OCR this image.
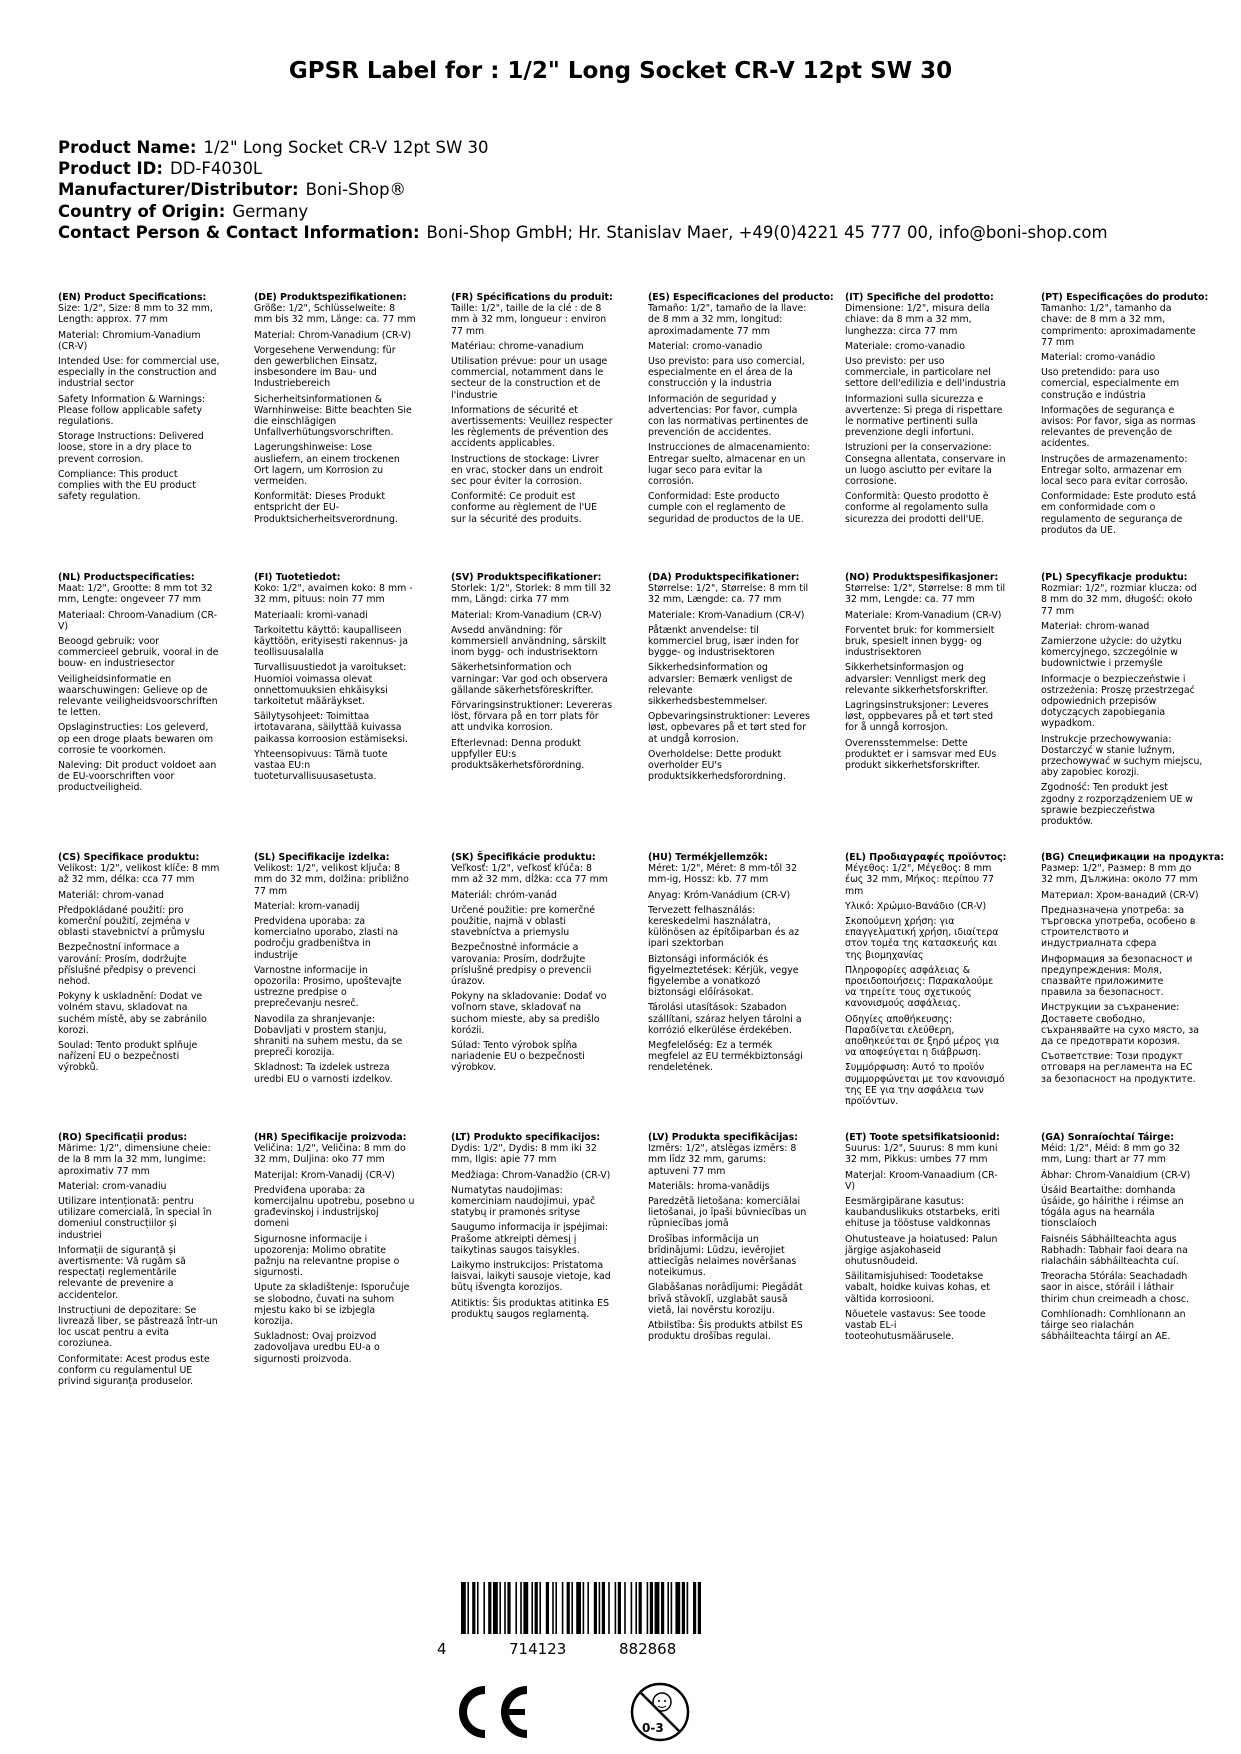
GPSR Label for : 1/2" Long Socket CR-V 12pt SW 30
Product Name: 1/2" Long Socket CR-V 12pt SW 30
Product ID: DD-F4030L
Manufacturer/Distributor: Boni-Shop®
Country of Origin: Germany
Contact Person & Contact Information: Boni-Shop GmbH; Hr. Stanislav Maer, +49(0)4221 45 777 00, info@boni-shop.com
(EN) Product Specifications:

Size: 1/2", Size: 8 mm to 32 mm, Length: approx. 77 mm

Material: Chromium-Vanadium (CR-V)

Intended Use: for commercial use, especially in the construction and industrial sector

Safety Information & Warnings: Please follow applicable safety regulations.

Storage Instructions: Delivered loose, store in a dry place to prevent corrosion.

Compliance: This product complies with the EU product safety regulation.

(DE) Produktspezifikationen:

Größe: 1/2", Schlüsselweite: 8 mm bis 32 mm, Länge: ca. 77 mm

Material: Chrom-Vanadium (CR-V)

Vorgesehene Verwendung: für den gewerblichen Einsatz, insbesondere im Bau- und Industriebereich

Sicherheitsinformationen & Warnhinweise: Bitte beachten Sie die einschlägigen Unfallverhütungsvorschriften.

Lagerungshinweise: Lose ausliefern, an einem trockenen Ort lagern, um Korrosion zu vermeiden.

Konformität: Dieses Produkt entspricht der EU-Produktsicherheitsverordnung.

(FR) Spécifications du produit:

Taille: 1/2", taille de la clé : de 8 mm à 32 mm, longueur : environ 77 mm

Matériau: chrome-vanadium

Utilisation prévue: pour un usage commercial, notamment dans le secteur de la construction et de l'industrie

Informations de sécurité et avertissements: Veuillez respecter les règlements de prévention des accidents applicables.

Instructions de stockage: Livrer en vrac, stocker dans un endroit sec pour éviter la corrosion.

Conformité: Ce produit est conforme au règlement de l'UE sur la sécurité des produits.

(ES) Especificaciones del producto:

Tamaño: 1/2", tamaño de la llave: de 8 mm a 32 mm, longitud: aproximadamente 77 mm

Material: cromo-vanadio

Uso previsto: para uso comercial, especialmente en el área de la construcción y la industria

Información de seguridad y advertencias: Por favor, cumpla con las normativas pertinentes de prevención de accidentes.

Instrucciones de almacenamiento: Entregar suelto, almacenar en un lugar seco para evitar la corrosión.

Conformidad: Este producto cumple con el reglamento de seguridad de productos de la UE.

(IT) Specifiche del prodotto:

Dimensione: 1/2", misura della chiave: da 8 mm a 32 mm, lunghezza: circa 77 mm

Materiale: cromo-vanadio

Uso previsto: per uso commerciale, in particolare nel settore dell'edilizia e dell'industria

Informazioni sulla sicurezza e avvertenze: Si prega di rispettare le normative pertinenti sulla prevenzione degli infortuni.

Istruzioni per la conservazione: Consegna allentata, conservare in un luogo asciutto per evitare la corrosione.

Conformità: Questo prodotto è conforme al regolamento sulla sicurezza dei prodotti dell'UE.

(PT) Especificações do produto:

Tamanho: 1/2", tamanho da chave: de 8 mm a 32 mm, comprimento: aproximadamente 77 mm

Material: cromo-vanádio

Uso pretendido: para uso comercial, especialmente em construção e indústria

Informações de segurança e avisos: Por favor, siga as normas relevantes de prevenção de acidentes.

Instruções de armazenamento: Entregar solto, armazenar em local seco para evitar corrosão.

Conformidade: Este produto está em conformidade com o regulamento de segurança de produtos da UE.

(NL) Productspecificaties:

Maat: 1/2", Grootte: 8 mm tot 32 mm, Lengte: ongeveer 77 mm

Materiaal: Chroom-Vanadium (CR-V)

Beoogd gebruik: voor commercieel gebruik, vooral in de bouw- en industriesector

Veiligheidsinformatie en waarschuwingen: Gelieve op de relevante veiligheidsvoorschriften te letten.

Opslaginstructies: Los geleverd, op een droge plaats bewaren om corrosie te voorkomen.

Naleving: Dit product voldoet aan de EU-voorschriften voor productveiligheid.

(FI) Tuotetiedot:

Koko: 1/2", avaimen koko: 8 mm - 32 mm, pituus: noin 77 mm

Materiaali: kromi-vanadi

Tarkoitettu käyttö: kaupalliseen käyttöön, erityisesti rakennus- ja teollisuusalalla

Turvallisuustiedot ja varoitukset: Huomioi voimassa olevat onnettomuuksien ehkäisyksi tarkoitetut määräykset.

Säilytysohjeet: Toimittaa irtotavarana, säilyttää kuivassa paikassa korroosion estämiseksi.

Yhteensopivuus: Tämä tuote vastaa EU:n tuoteturvallisuusasetusta.

(SV) Produktspecifikationer:

Storlek: 1/2", Storlek: 8 mm till 32 mm, Längd: cirka 77 mm

Material: Krom-Vanadium (CR-V)

Avsedd användning: för kommersiell användning, särskilt inom bygg- och industrisektorn

Säkerhetsinformation och varningar: Var god och observera gällande säkerhetsföreskrifter.

Förvaringsinstruktioner: Levereras löst, förvara på en torr plats för att undvika korrosion.

Efterlevnad: Denna produkt uppfyller EU:s produktsäkerhetsförordning.

(DA) Produktspecifikationer:

Størrelse: 1/2", Størrelse: 8 mm til 32 mm, Længde: ca. 77 mm

Materiale: Krom-Vanadium (CR-V)

Påtænkt anvendelse: til kommerciel brug, især inden for bygge- og industrisektoren

Sikkerhedsinformation og advarsler: Bemærk venligst de relevante sikkerhedsbestemmelser.

Opbevaringsinstruktioner: Leveres løst, opbevares på et tørt sted for at undgå korrosion.

Overholdelse: Dette produkt overholder EU's produktsikkerhedsforordning.

(NO) Produktspesifikasjoner:

Størrelse: 1/2", Størrelse: 8 mm til 32 mm, Lengde: ca. 77 mm

Materiale: Krom-Vanadium (CR-V)

Forventet bruk: for kommersielt bruk, spesielt innen bygg- og industrisektoren

Sikkerhetsinformasjon og advarsler: Vennligst merk deg relevante sikkerhetsforskrifter.

Lagringsinstruksjoner: Leveres løst, oppbevares på et tørt sted for å unngå korrosjon.

Overensstemmelse: Dette produktet er i samsvar med EUs produkt sikkerhetsforskrifter.

(PL) Specyfikacje produktu:

Rozmiar: 1/2", rozmiar klucza: od 8 mm do 32 mm, długość: około 77 mm

Materiał: chrom-wanad

Zamierzone użycie: do użytku komercyjnego, szczególnie w budownictwie i przemyśle

Informacje o bezpieczeństwie i ostrzeżenia: Proszę przestrzegać odpowiednich przepisów dotyczących zapobiegania wypadkom.

Instrukcje przechowywania: Dostarczyć w stanie luźnym, przechowywać w suchym miejscu, aby zapobiec korozji.

Zgodność: Ten produkt jest zgodny z rozporządzeniem UE w sprawie bezpieczeństwa produktów.

(CS) Specifikace produktu:

Velikost: 1/2", velikost klíče: 8 mm až 32 mm, délka: cca 77 mm

Materiál: chrom-vanad

Předpokládané použití: pro komerční použití, zejména v oblasti stavebnictví a průmyslu

Bezpečnostní informace a varování: Prosím, dodržujte příslušné předpisy o prevenci nehod.

Pokyny k uskladnění: Dodat ve volném stavu, skladovat na suchém místě, aby se zabránilo korozi.

Soulad: Tento produkt splňuje nařízení EU o bezpečnosti výrobků.

(SL) Specifikacije izdelka:

Velikost: 1/2", velikost ključa: 8 mm do 32 mm, dolžina: približno 77 mm

Material: krom-vanadij

Predvidena uporaba: za komercialno uporabo, zlasti na področju gradbeništva in industrije

Varnostne informacije in opozorila: Prosimo, upoštevajte ustrezne predpise o preprečevanju nesreč.

Navodila za shranjevanje: Dobavljati v prostem stanju, shraniti na suhem mestu, da se prepreči korozija.

Skladnost: Ta izdelek ustreza uredbi EU o varnosti izdelkov.

(SK) Špecifikácie produktu:

Veľkosť: 1/2", veľkosť kľúča: 8 mm až 32 mm, dĺžka: cca 77 mm

Materiál: chróm-vanád

Určené použitie: pre komerčné použitie, najmä v oblasti stavebníctva a priemyslu

Bezpečnostné informácie a varovania: Prosím, dodržujte príslušné predpisy o prevencii úrazov.

Pokyny na skladovanie: Dodať vo voľnom stave, skladovať na suchom mieste, aby sa predišlo korózii.

Súlad: Tento výrobok spĺňa nariadenie EU o bezpečnosti výrobkov.

(HU) Termékjellemzők:

Méret: 1/2", Méret: 8 mm-től 32 mm-ig, Hossz: kb. 77 mm

Anyag: Króm-Vanádium (CR-V)

Tervezett felhasználás: kereskedelmi használatra, különösen az építőiparban és az ipari szektorban

Biztonsági információk és figyelmeztetések: Kérjük, vegye figyelembe a vonatkozó biztonsági előírásokat.

Tárolási utasítások: Szabadon szállítani, száraz helyen tárolni a korrózió elkerülése érdekében.

Megfelelőség: Ez a termék megfelel az EU termékbiztonsági rendeletének.

(EL) Προδιαγραφές προϊόντος:

Μέγεθος: 1/2", Μέγεθος: 8 mm έως 32 mm, Μήκος: περίπου 77 mm

Υλικό: Χρώμιο-Βανάδιο (CR-V)

Σκοπούμενη χρήση: για επαγγελματική χρήση, ιδιαίτερα στον τομέα της κατασκευής και της βιομηχανίας

Πληροφορίες ασφάλειας & προειδοποιήσεις: Παρακαλούμε να τηρείτε τους σχετικούς κανονισμούς ασφάλειας.

Οδηγίες αποθήκευσης: Παραδίνεται ελεύθερη, αποθηκεύεται σε ξηρό μέρος για να αποφεύγεται η διάβρωση.

Συμμόρφωση: Αυτό το προϊόν συμμορφώνεται με τον κανονισμό της ΕΕ για την ασφάλεια των προϊόντων.

(BG) Спецификации на продукта:

Размер: 1/2", Размер: 8 mm до 32 mm, Дължина: около 77 mm

Материал: Хром-ванадий (CR-V)

Предназначена употреба: за търговска употреба, особено в строителството и индустриалната сфера

Информация за безопасност и предупреждения: Моля, спазвайте приложимите правила за безопасност.

Инструкции за съхранение: Доставете свободно, съхранявайте на сухо място, за да се предотврати корозия.

Съответствие: Този продукт отговаря на регламента на ЕС за безопасност на продуктите.

(RO) Specificații produs:

Mărime: 1/2", dimensiune cheie: de la 8 mm la 32 mm, lungime: aproximativ 77 mm

Material: crom-vanadiu

Utilizare intenționată: pentru utilizare comercială, în special în domeniul construcțiilor și industriei

Informații de siguranță și avertismente: Vă rugăm să respectați reglementările relevante de prevenire a accidentelor.

Instrucțiuni de depozitare: Se livrează liber, se păstrează într-un loc uscat pentru a evita coroziunea.

Conformitate: Acest produs este conform cu regulamentul UE privind siguranța produselor.

(HR) Specifikacije proizvoda:

Veličina: 1/2", Veličina: 8 mm do 32 mm, Duljina: oko 77 mm

Materijal: Krom-Vanadij (CR-V)

Predviđena uporaba: za komercijalnu upotrebu, posebno u građevinskoj i industrijskoj domeni

Sigurnosne informacije i upozorenja: Molimo obratite pažnju na relevantne propise o sigurnosti.

Upute za skladištenje: Isporučuje se slobodno, čuvati na suhom mjestu kako bi se izbjegla korozija.

Sukladnost: Ovaj proizvod zadovoljava uredbu EU-a o sigurnosti proizvoda.

(LT) Produkto specifikacijos:

Dydis: 1/2", Dydis: 8 mm iki 32 mm, Ilgis: apie 77 mm

Medžiaga: Chrom-Vanadžio (CR-V)

Numatytas naudojimas: komerciniam naudojimui, ypač statybų ir pramonės srityse

Saugumo informacija ir įspėjimai: Prašome atkreipti dėmesį į taikytinas saugos taisykles.

Laikymo instrukcijos: Pristatoma laisvai, laikyti sausoje vietoje, kad būtų išvengta korozijos.

Atitiktis: Šis produktas atitinka ES produktų saugos reglamentą.

(LV) Produkta specifikācijas:

Izmērs: 1/2", atslēgas izmērs: 8 mm līdz 32 mm, garums: aptuveni 77 mm

Materiāls: hroma-vanādijs

Paredzētā lietošana: komerciālai lietošanai, jo īpaši būvniecības un rūpniecības jomā

Drošības informācija un brīdinājumi: Lūdzu, ievērojiet attiecīgās nelaimes novēršanas noteikumus.

Glabāšanas norādījumi: Piegādāt brīvā stāvoklī, uzglabāt sausā vietā, lai novērstu koroziju.

Atbilstība: Šis produkts atbilst ES produktu drošības regulai.

(ET) Toote spetsifikatsioonid:

Suurus: 1/2", Suurus: 8 mm kuni 32 mm, Pikkus: umbes 77 mm

Materjal: Kroom-Vanaadium (CR-V)

Eesmärgipärane kasutus: kaubanduslikuks otstarbeks, eriti ehituse ja tööstuse valdkonnas

Ohutusteave ja hoiatused: Palun järgige asjakohaseid ohutusnõudeid.

Säilitamisjuhised: Toodetakse vabalt, hoidke kuivas kohas, et vältida korrosiooni.

Nõuetele vastavus: See toode vastab EL-i tooteohutusmäärusele.

(GA) Sonraíochtaí Táirge:

Méid: 1/2", Méid: 8 mm go 32 mm, Lung: thart ar 77 mm

Ábhar: Chrom-Vanaidium (CR-V)

Úsáid Beartaithe: domhanda úsáide, go háirithe i réimse an tógála agus na hearnála tionsclaíoch

Faisnéis Sábháilteachta agus Rabhadh: Tabhair faoi deara na rialacháin sábháilteachta cuí.

Treoracha Stórála: Seachadadh saor in aisce, stóráil i láthair thirim chun creimeadh a chosc.

Comhlíonadh: Comhlíonann an táirge seo rialachán sábháilteachta táirgí an AE.

4	714123	882868
0-3
